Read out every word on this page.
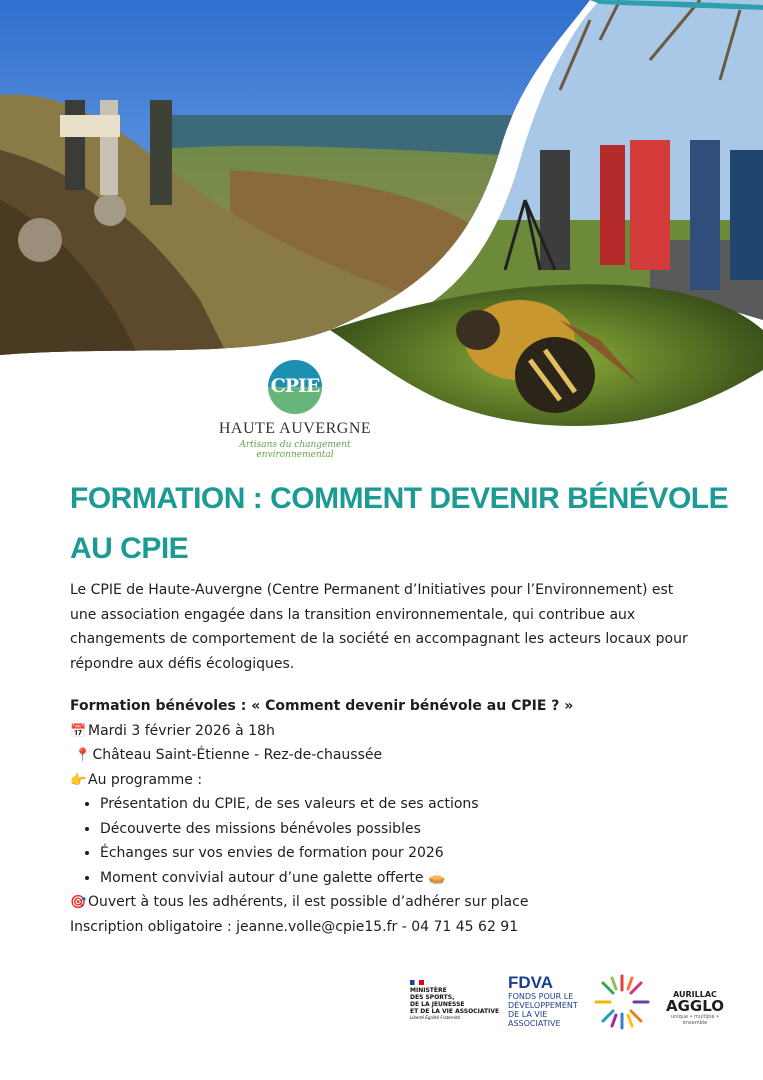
CPIE
HAUTE AUVERGNE
Artisans du changement environnemental
FORMATION : COMMENT DEVENIR BÉNÉVOLE AU CPIE

Le CPIE de Haute-Auvergne (Centre Permanent d’Initiatives pour l’Environnement) est une association engagée dans la transition environnementale, qui contribue aux changements de comportement de la société en accompagnant les acteurs locaux pour répondre aux défis écologiques.

Formation bénévoles : « Comment devenir bénévole au CPIE ? »
📅 Mardi 3 février 2026 à 18h
📍 Château Saint-Étienne - Rez-de-chaussée
👉 Au programme :
• Présentation du CPIE, de ses valeurs et de ses actions
• Découverte des missions bénévoles possibles
• Échanges sur vos envies de formation pour 2026
• Moment convivial autour d’une galette offerte 🥧
🎯 Ouvert à tous les adhérents, il est possible d’adhérer sur place
Inscription obligatoire : jeanne.volle@cpie15.fr - 04 71 45 62 91
MINISTÈRE
DES SPORTS,
DE LA JEUNESSE
ET DE LA VIE ASSOCIATIVE
Liberté Égalité Fraternité
FDVA
FONDS POUR LE
DÉVELOPPEMENT
DE LA VIE
ASSOCIATIVE
AURILLAC
AGGLO
unique • multiple • ensemble
